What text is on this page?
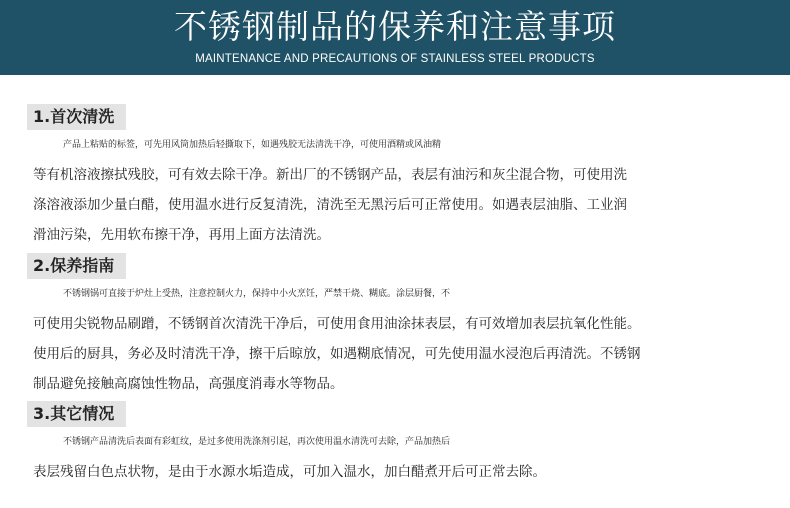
不锈钢制品的保养和注意事项
MAINTENANCE AND PRECAUTIONS OF STAINLESS STEEL PRODUCTS
1.首次清洗
产品上粘贴的标签，可先用风筒加热后轻撕取下，如遇残胶无法清洗干净，可使用酒精或风油精
等有机溶液擦拭残胶，可有效去除干净。新出厂的不锈钢产品，表层有油污和灰尘混合物，可使用洗
涤溶液添加少量白醋，使用温水进行反复清洗，清洗至无黑污后可正常使用。如遇表层油脂、工业润
滑油污染，先用软布擦干净，再用上面方法清洗。
2.保养指南
不锈钢锅可直接于炉灶上受热，注意控制火力，保持中小火烹饪，严禁干烧、糊底。涂层厨餐，不
可使用尖锐物品刷蹭，不锈钢首次清洗干净后，可使用食用油涂抹表层，有可效增加表层抗氧化性能。
使用后的厨具，务必及时清洗干净，擦干后晾放，如遇糊底情况，可先使用温水浸泡后再清洗。不锈钢
制品避免接触高腐蚀性物品，高强度消毒水等物品。
3.其它情况
不锈钢产品清洗后表面有彩虹纹，是过多使用洗涤剂引起，再次使用温水清洗可去除，产品加热后
表层残留白色点状物，是由于水源水垢造成，可加入温水，加白醋煮开后可正常去除。
